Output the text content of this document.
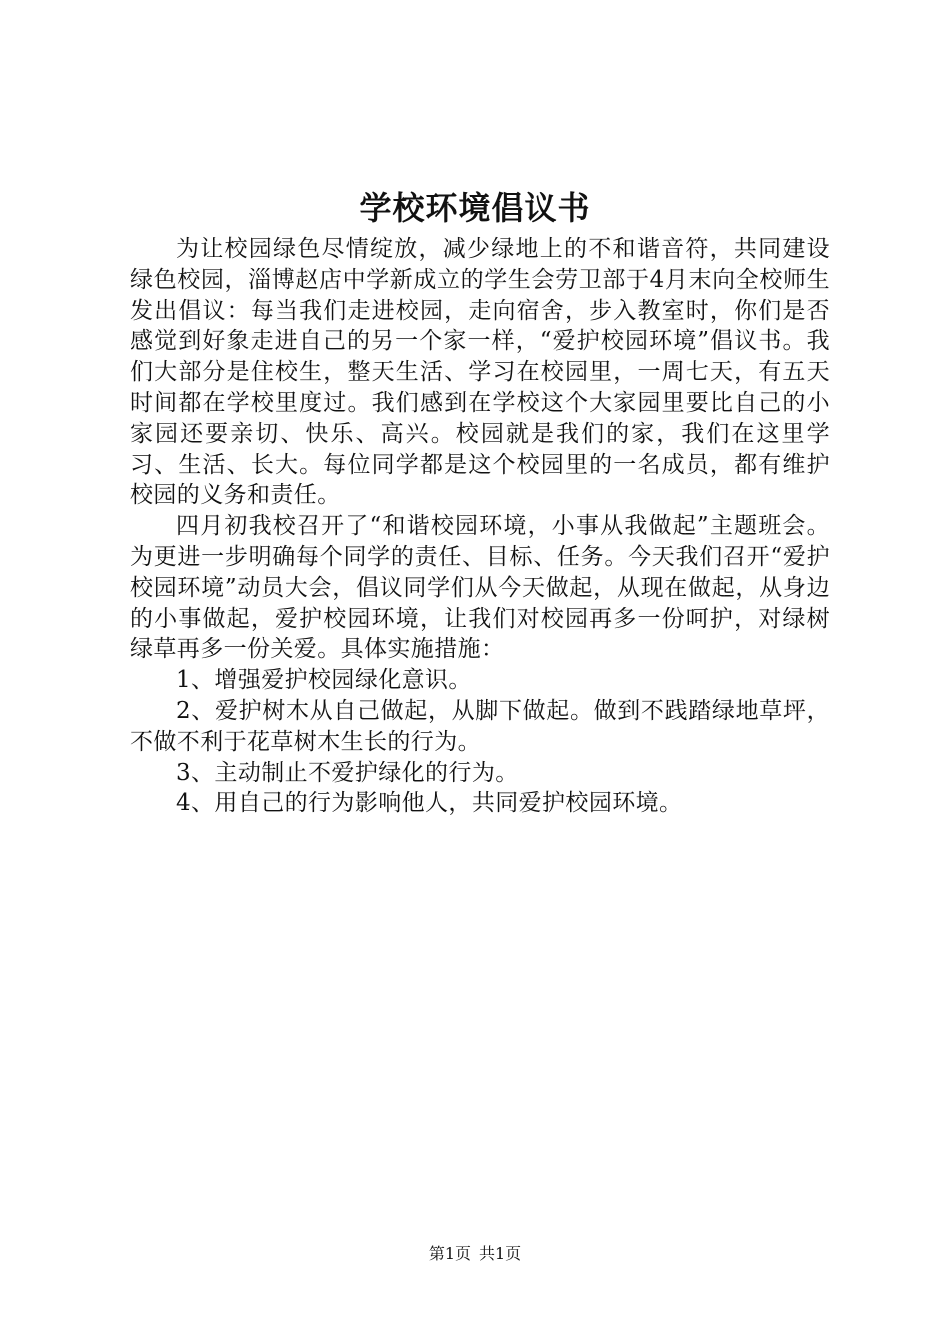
学校环境倡议书

为让校园绿色尽情绽放，减少绿地上的不和谐音符，共同建设绿色校园，淄博赵店中学新成立的学生会劳卫部于4月末向全校师生发出倡议：每当我们走进校园，走向宿舍，步入教室时，你们是否感觉到好象走进自己的另一个家一样，“爱护校园环境”倡议书。我们大部分是住校生，整天生活、学习在校园里，一周七天，有五天时间都在学校里度过。我们感到在学校这个大家园里要比自己的小家园还要亲切、快乐、高兴。校园就是我们的家，我们在这里学习、生活、长大。每位同学都是这个校园里的一名成员，都有维护校园的义务和责任。

四月初我校召开了“和谐校园环境，小事从我做起”主题班会。为更进一步明确每个同学的责任、目标、任务。今天我们召开“爱护校园环境”动员大会，倡议同学们从今天做起，从现在做起，从身边的小事做起，爱护校园环境，让我们对校园再多一份呵护，对绿树绿草再多一份关爱。具体实施措施：

1、增强爱护校园绿化意识。

2、爱护树木从自己做起，从脚下做起。做到不践踏绿地草坪，不做不利于花草树木生长的行为。

3、主动制止不爱护绿化的行为。

4、用自己的行为影响他人，共同爱护校园环境。

第1页 共1页
